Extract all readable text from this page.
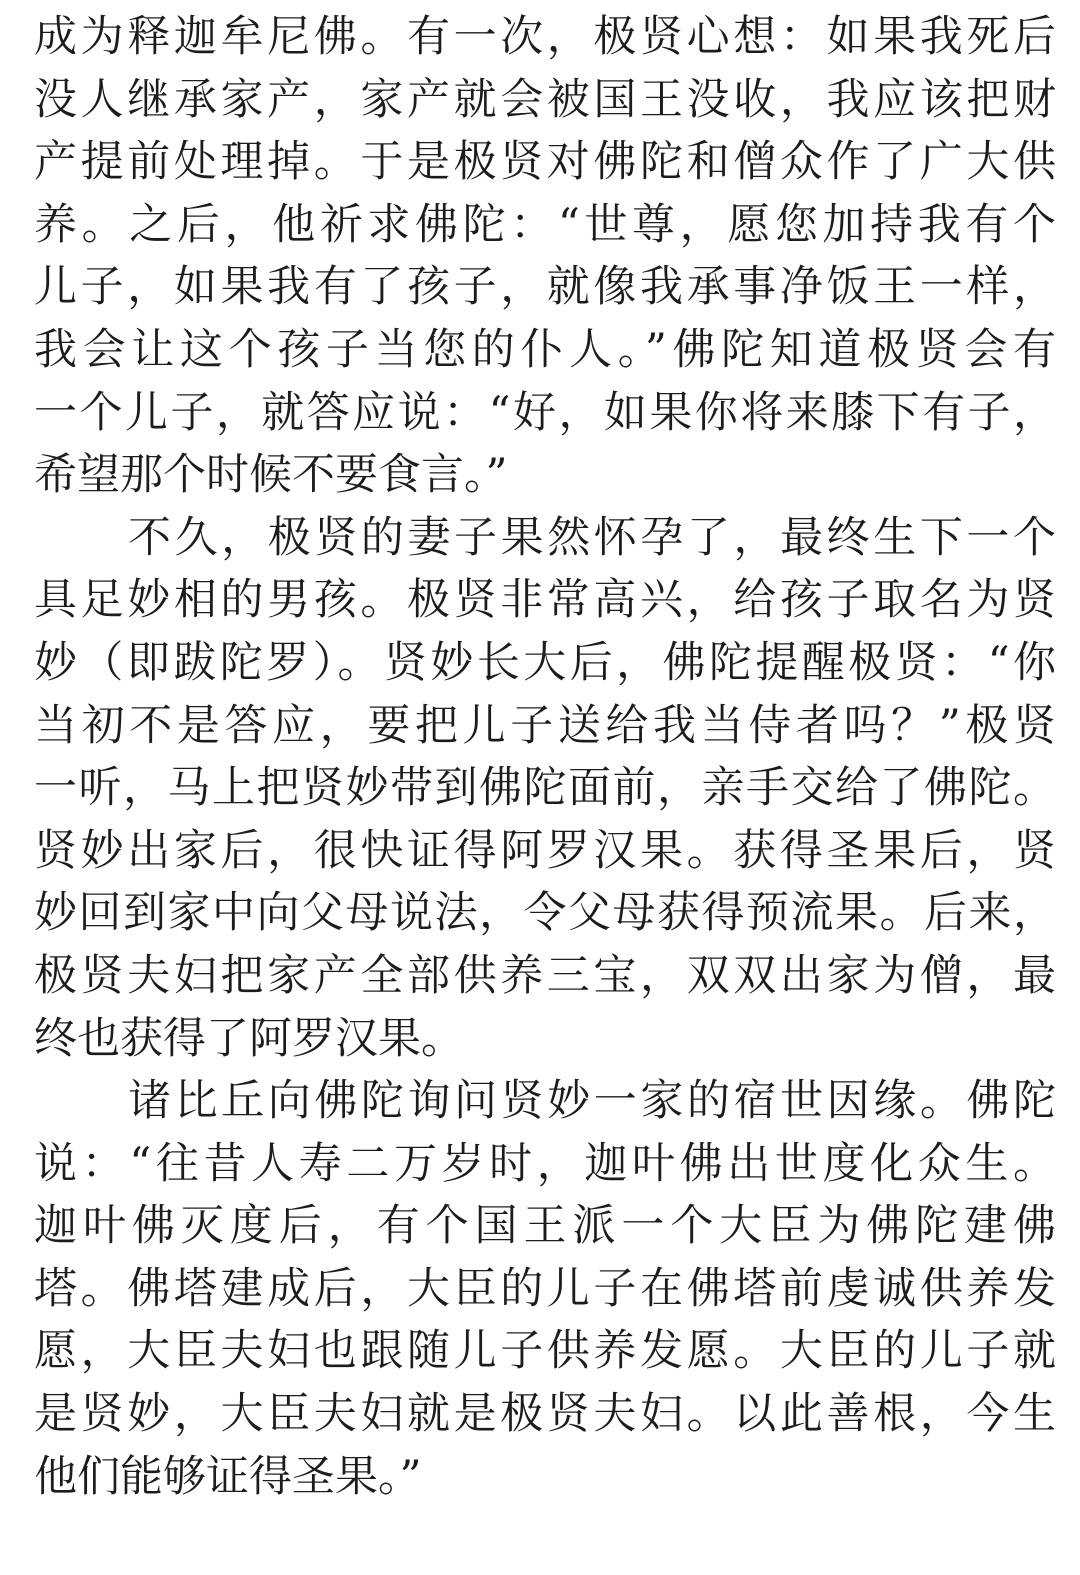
成为释迦牟尼佛。有一次，极贤心想：如果我死后
没人继承家产，家产就会被国王没收，我应该把财
产提前处理掉。于是极贤对佛陀和僧众作了广大供
养。之后，他祈求佛陀：“世尊，愿您加持我有个
儿子，如果我有了孩子，就像我承事净饭王一样，
我会让这个孩子当您的仆人。”佛陀知道极贤会有
一个儿子，就答应说：“好，如果你将来膝下有子，
希望那个时候不要食言。”
不久，极贤的妻子果然怀孕了，最终生下一个
具足妙相的男孩。极贤非常高兴，给孩子取名为贤
妙（即跋陀罗）。贤妙长大后，佛陀提醒极贤：“你
当初不是答应，要把儿子送给我当侍者吗？”极贤
一听，马上把贤妙带到佛陀面前，亲手交给了佛陀。
贤妙出家后，很快证得阿罗汉果。获得圣果后，贤
妙回到家中向父母说法，令父母获得预流果。后来，
极贤夫妇把家产全部供养三宝，双双出家为僧，最
终也获得了阿罗汉果。
诸比丘向佛陀询问贤妙一家的宿世因缘。佛陀
说：“往昔人寿二万岁时，迦叶佛出世度化众生。
迦叶佛灭度后，有个国王派一个大臣为佛陀建佛
塔。佛塔建成后，大臣的儿子在佛塔前虔诚供养发
愿，大臣夫妇也跟随儿子供养发愿。大臣的儿子就
是贤妙，大臣夫妇就是极贤夫妇。以此善根，今生
他们能够证得圣果。”
